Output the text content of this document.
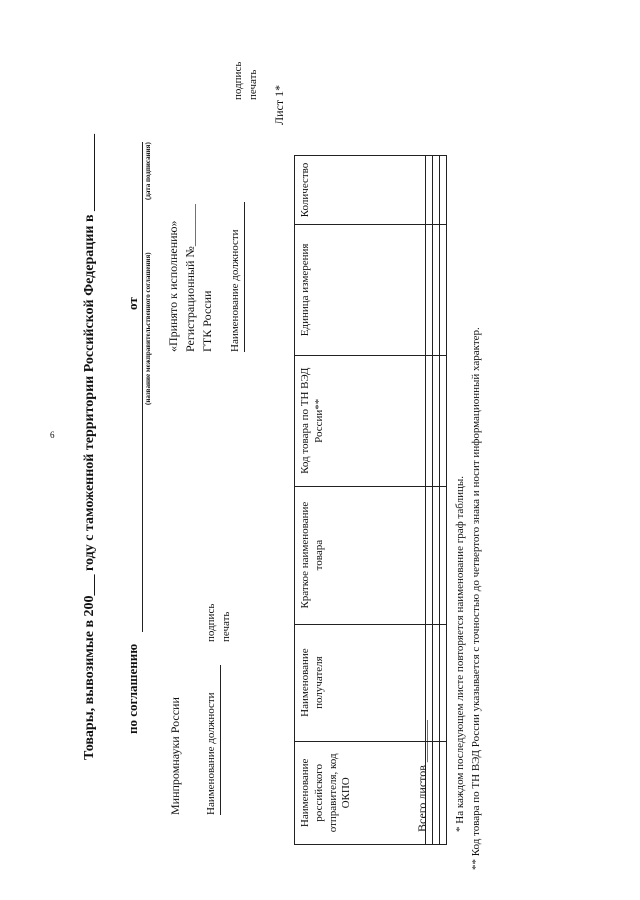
6 Товары, вывозимые в 200___ году с таможенной территории Российской Федерации в ___________ по соглашению
от (название межправительственного соглашения)
(дата подписания)
Минпромнауки России Наименование должности
подпись печать
«Принято к исполнению» Регистрационный №_______ ГТК России Наименование должности
подпись печать
Лист 1*
Наименование российского отправителя, код ОКПО	Наименование получателя	Краткое наименование товара	Код товара по ТН ВЭД России**	Единица измерения	Количество

Всего листов _______ * На каждом последующем листе повторяется наименование граф таблицы. ** Код товара по ТН ВЭД России указывается с точностью до четвертого знака и носит информационный характер.
